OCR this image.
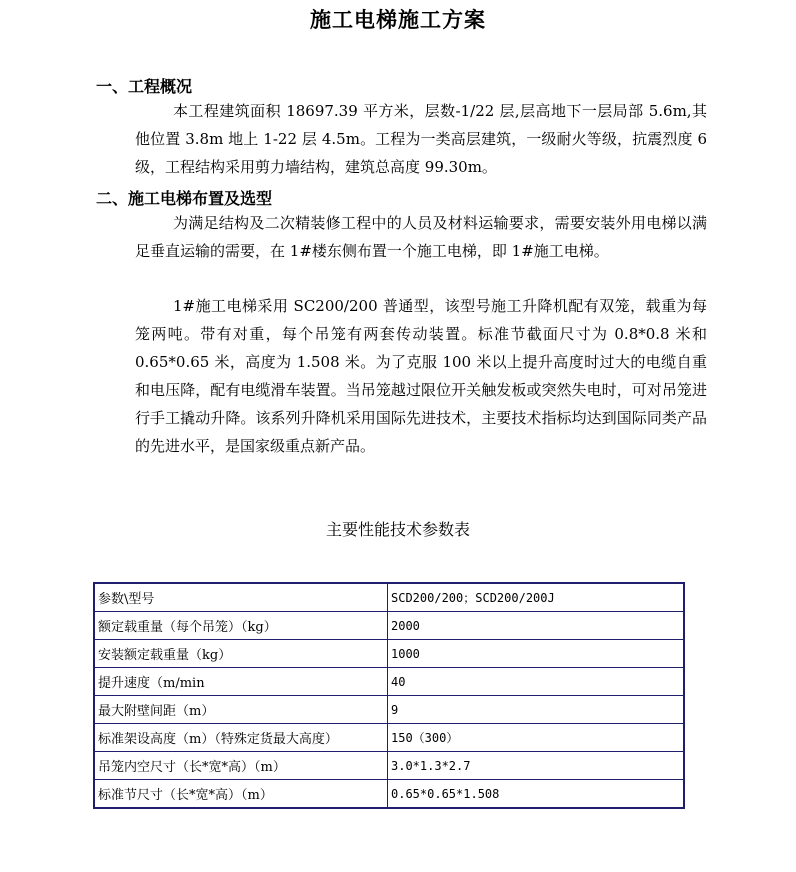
施工电梯施工方案
一、工程概况

本工程建筑面积 18697.39 平方米，层数-1/22 层,层高地下一层局部 5.6m,其他位置 3.8m 地上 1-22 层 4.5m。工程为一类高层建筑，一级耐火等级，抗震烈度 6 级，工程结构采用剪力墙结构，建筑总高度 99.30m。

二、施工电梯布置及选型

为满足结构及二次精装修工程中的人员及材料运输要求，需要安装外用电梯以满足垂直运输的需要，在 1#楼东侧布置一个施工电梯，即 1#施工电梯。

1#施工电梯采用 SC200/200 普通型，该型号施工升降机配有双笼，载重为每笼两吨。带有对重，每个吊笼有两套传动装置。标准节截面尺寸为 0.8*0.8 米和 0.65*0.65 米，高度为 1.508 米。为了克服 100 米以上提升高度时过大的电缆自重和电压降，配有电缆滑车装置。当吊笼越过限位开关触发板或突然失电时，可对吊笼进行手工撬动升降。该系列升降机采用国际先进技术，主要技术指标均达到国际同类产品的先进水平，是国家级重点新产品。

主要性能技术参数表
参数\型号	SCD200/200；SCD200/200J
额定载重量（每个吊笼）（kg）	2000
安装额定载重量（kg）	1000
提升速度（m/min	40
最大附壁间距（m）	9
标准架设高度（m）（特殊定货最大高度）	150（300）
吊笼内空尺寸（长*宽*高）（m）	3.0*1.3*2.7
标准节尺寸（长*宽*高）（m）	0.65*0.65*1.508
